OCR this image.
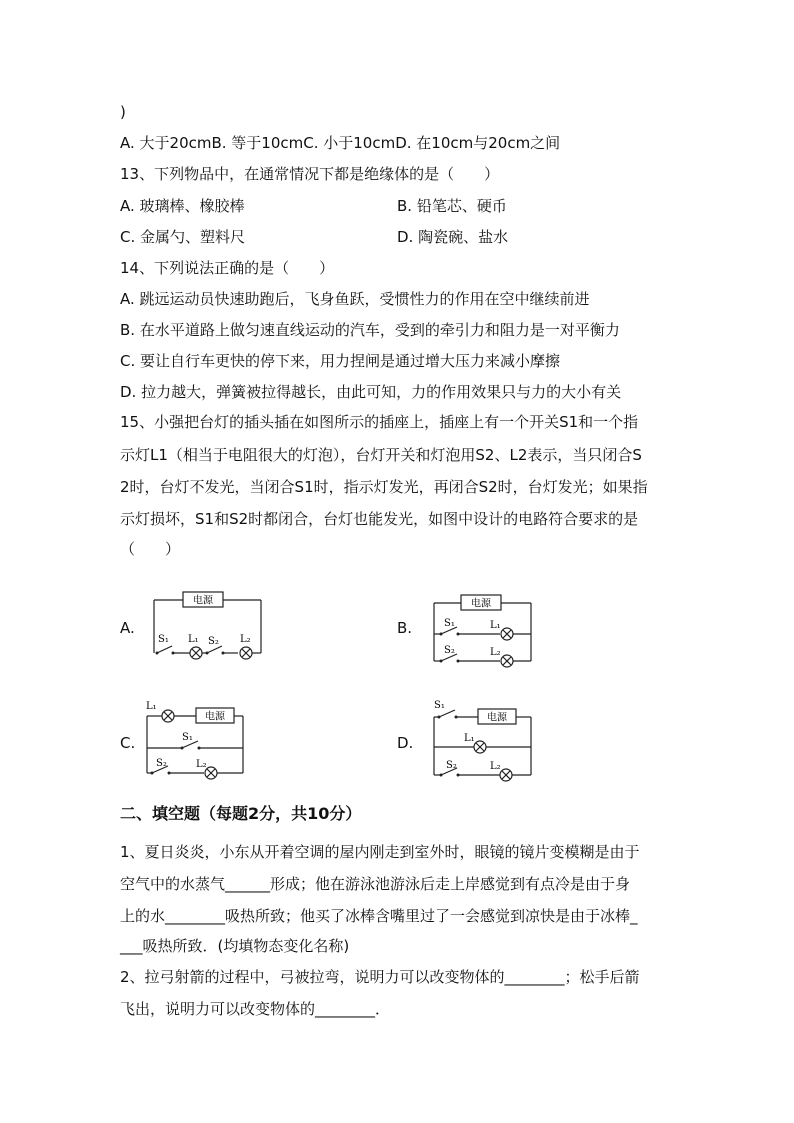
)
A. 大于20cmB. 等于10cmC. 小于10cmD. 在10cm与20cm之间
13、下列物品中，在通常情况下都是绝缘体的是（　　）
A. 玻璃棒、橡胶棒	B. 铅笔芯、硬币
C. 金属勺、塑料尺	D. 陶瓷碗、盐水
14、下列说法正确的是（　　）
A. 跳远运动员快速助跑后，飞身鱼跃，受惯性力的作用在空中继续前进
B. 在水平道路上做匀速直线运动的汽车，受到的牵引力和阻力是一对平衡力
C. 要让自行车更快的停下来，用力捏闸是通过增大压力来减小摩擦
D. 拉力越大，弹簧被拉得越长，由此可知，力的作用效果只与力的大小有关
15、小强把台灯的插头插在如图所示的插座上，插座上有一个开关S1和一个指
示灯L1（相当于电阻很大的灯泡），台灯开关和灯泡用S2、L2表示，当只闭合S
2时，台灯不发光，当闭合S1时，指示灯发光，再闭合S2时，台灯发光；如果指
示灯损坏，S1和S2时都闭合，台灯也能发光，如图中设计的电路符合要求的是
（　　）
A.
电源
S₁ L₁ S₂ L₂
B.
电源
S₁	L₁
S₂	L₂
C.
电源
L₁
S₁
S₂	L₂
D.
电源
S₁
L₁
S₂	L₂
二、填空题（每题2分，共10分）
1、夏日炎炎，小东从开着空调的屋内刚走到室外时，眼镜的镜片变模糊是由于
空气中的水蒸气______形成；他在游泳池游泳后走上岸感觉到有点冷是由于身
上的水________吸热所致；他买了冰棒含嘴里过了一会感觉到凉快是由于冰棒_
___吸热所致．(均填物态变化名称)
2、拉弓射箭的过程中，弓被拉弯，说明力可以改变物体的________；松手后箭
飞出，说明力可以改变物体的________．
